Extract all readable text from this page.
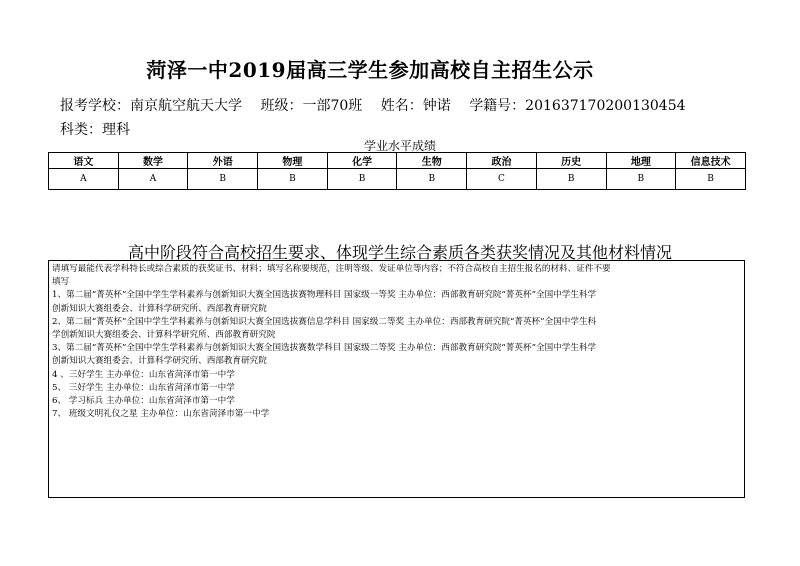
菏泽一中2019届高三学生参加高校自主招生公示
报考学校：南京航空航天大学 班级：一部70班 姓名：钟诺 学籍号：201637170200130454
科类：理科
学业水平成绩
语文	数学	外语	物理	化学	生物	政治	历史	地理	信息技术
A	A	B	B	B	B	C	B	B	B
高中阶段符合高校招生要求、体现学生综合素质各类获奖情况及其他材料情况

请填写最能代表学科特长或综合素质的获奖证书、材料；填写名称要规范，注明等级、发证单位等内容；不符合高校自主招生报名的材料、证件不要

填写

1、第二届“菁英杯”全国中学生学科素养与创新知识大赛全国选拔赛物理科目 国家级一等奖 主办单位：西部教育研究院“菁英杯”全国中学生科学

创新知识大赛组委会、计算科学研究所、西部教育研究院

2、第二届“菁英杯”全国中学生学科素养与创新知识大赛全国选拔赛信息学科目 国家级二等奖 主办单位：西部教育研究院“菁英杯”全国中学生科

学创新知识大赛组委会、计算科学研究所、西部教育研究院

3、第二届“菁英杯”全国中学生学科素养与创新知识大赛全国选拔赛数学科目 国家级二等奖 主办单位：西部教育研究院“菁英杯”全国中学生科学

创新知识大赛组委会、计算科学研究所、西部教育研究院

4 、三好学生 主办单位：山东省菏泽市第一中学

5、 三好学生 主办单位：山东省菏泽市第一中学

6、 学习标兵 主办单位：山东省菏泽市第一中学

7、 班级文明礼仪之星 主办单位：山东省菏泽市第一中学
